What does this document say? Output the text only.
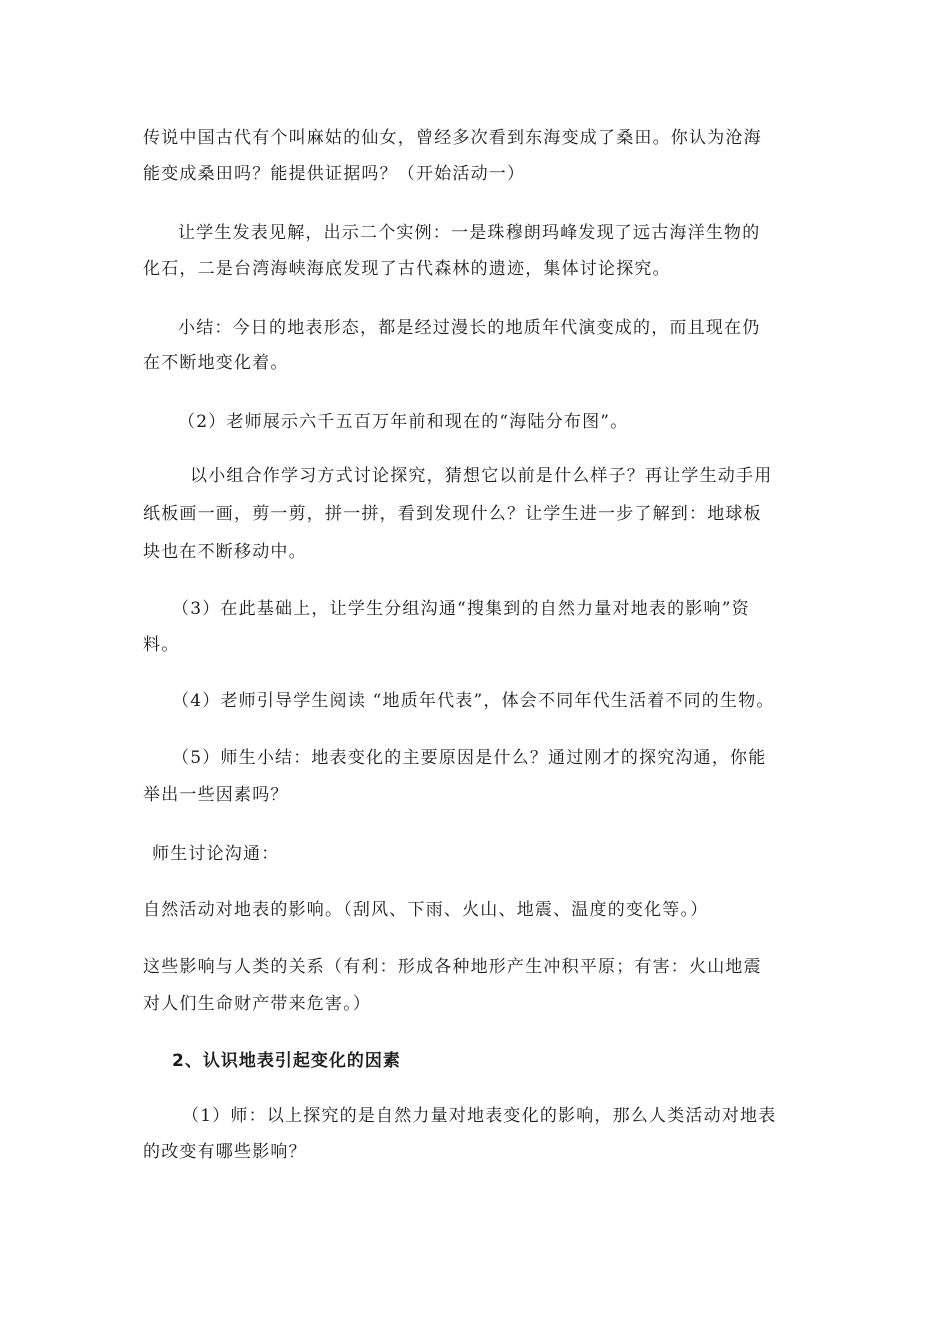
传说中国古代有个叫麻姑的仙女，曾经多次看到东海变成了桑田。你认为沧海
能变成桑田吗？能提供证据吗？（开始活动一）
让学生发表见解，出示二个实例：一是珠穆朗玛峰发现了远古海洋生物的
化石，二是台湾海峡海底发现了古代森林的遗迹，集体讨论探究。
小结：今日的地表形态，都是经过漫长的地质年代演变成的，而且现在仍
在不断地变化着。
（2）老师展示六千五百万年前和现在的“海陆分布图”。
以小组合作学习方式讨论探究，猜想它以前是什么样子？再让学生动手用
纸板画一画，剪一剪，拼一拼，看到发现什么？让学生进一步了解到：地球板
块也在不断移动中。
（3）在此基础上，让学生分组沟通“搜集到的自然力量对地表的影响”资
料。
（4）老师引导学生阅读 “地质年代表”，体会不同年代生活着不同的生物。
（5）师生小结：地表变化的主要原因是什么？通过刚才的探究沟通，你能
举出一些因素吗？
师生讨论沟通：
自然活动对地表的影响。（刮风、下雨、火山、地震、温度的变化等。）
这些影响与人类的关系（有利：形成各种地形产生冲积平原；有害：火山地震
对人们生命财产带来危害。）
2、认识地表引起变化的因素
（1）师：以上探究的是自然力量对地表变化的影响，那么人类活动对地表
的改变有哪些影响？
